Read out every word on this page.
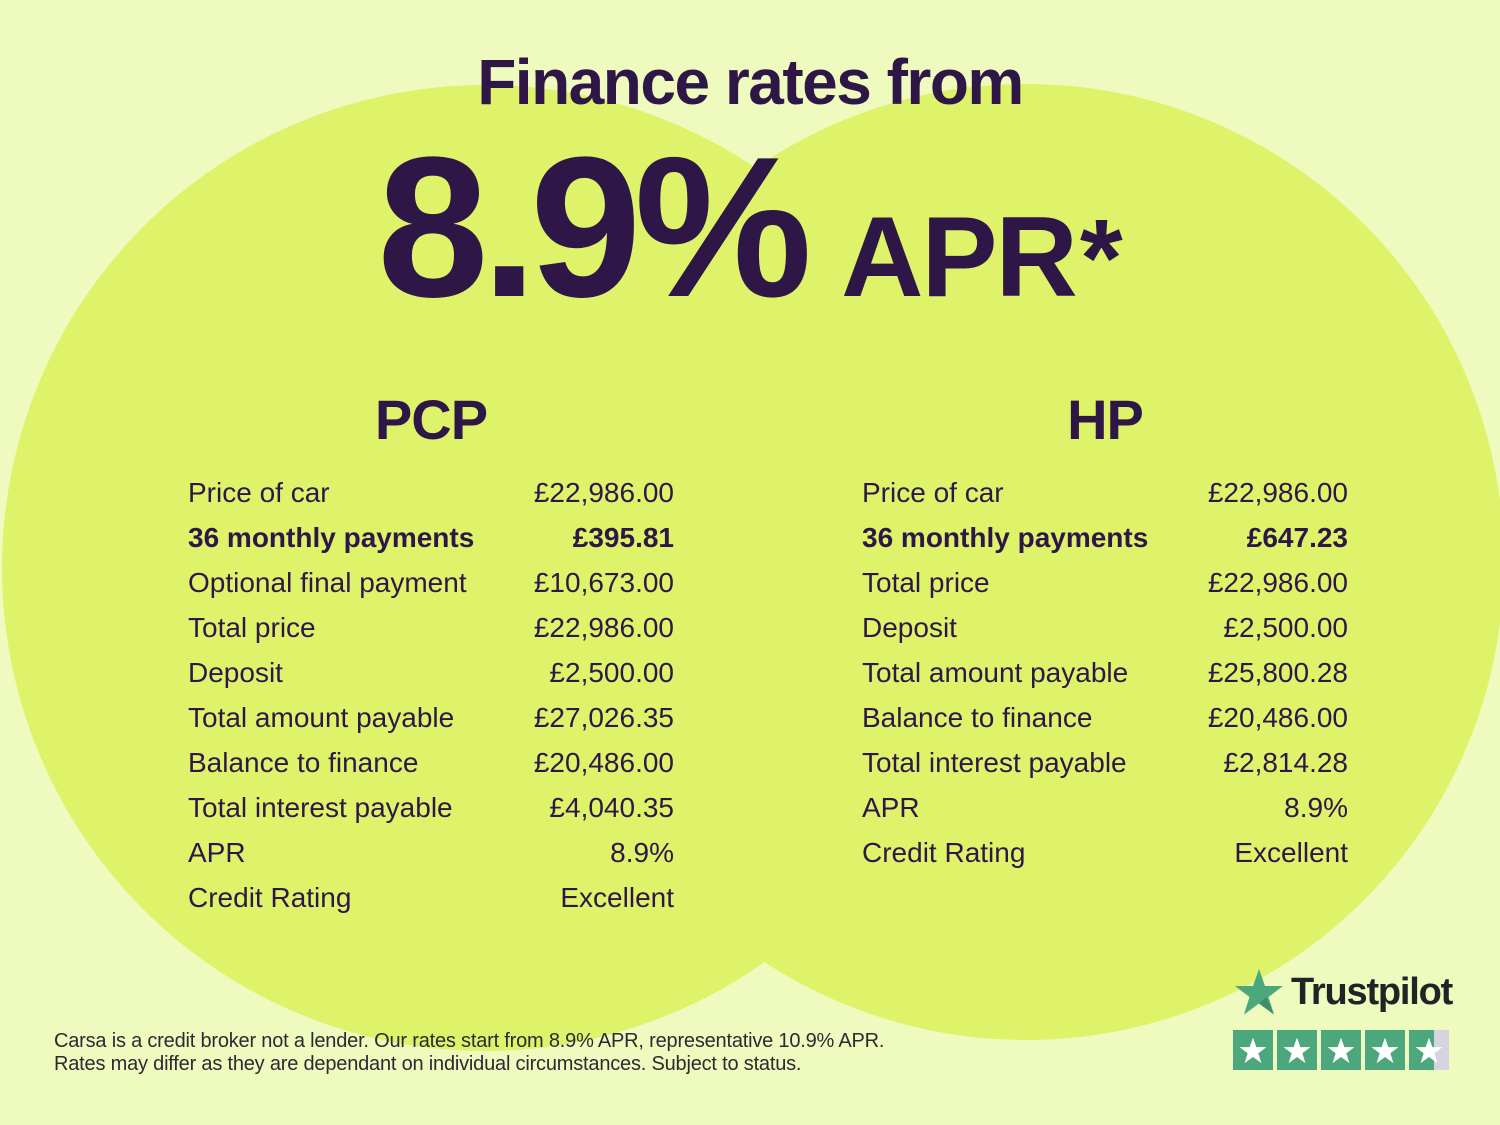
Finance rates from
8.9% APR *
PCP
Price of car	£22,986.00
36 monthly payments	£395.81
Optional final payment £10,673.00
Total price	£22,986.00
Deposit	£2,500.00
Total amount payable	£27,026.35
Balance to finance	£20,486.00
Total interest payable	£4,040.35
APR	8.9%
Credit Rating	Excellent
HP
Price of car	£22,986.00
36 monthly payments	£647.23
Total price	£22,986.00
Deposit	£2,500.00
Total amount payable	£25,800.28
Balance to finance	£20,486.00
Total interest payable	£2,814.28
APR	8.9%
Credit Rating	Excellent

Carsa is a credit broker not a lender. Our rates start from 8.9% APR, representative 10.9% APR.
Rates may differ as they are dependant on individual circumstances. Subject to status.

Trustpilot
